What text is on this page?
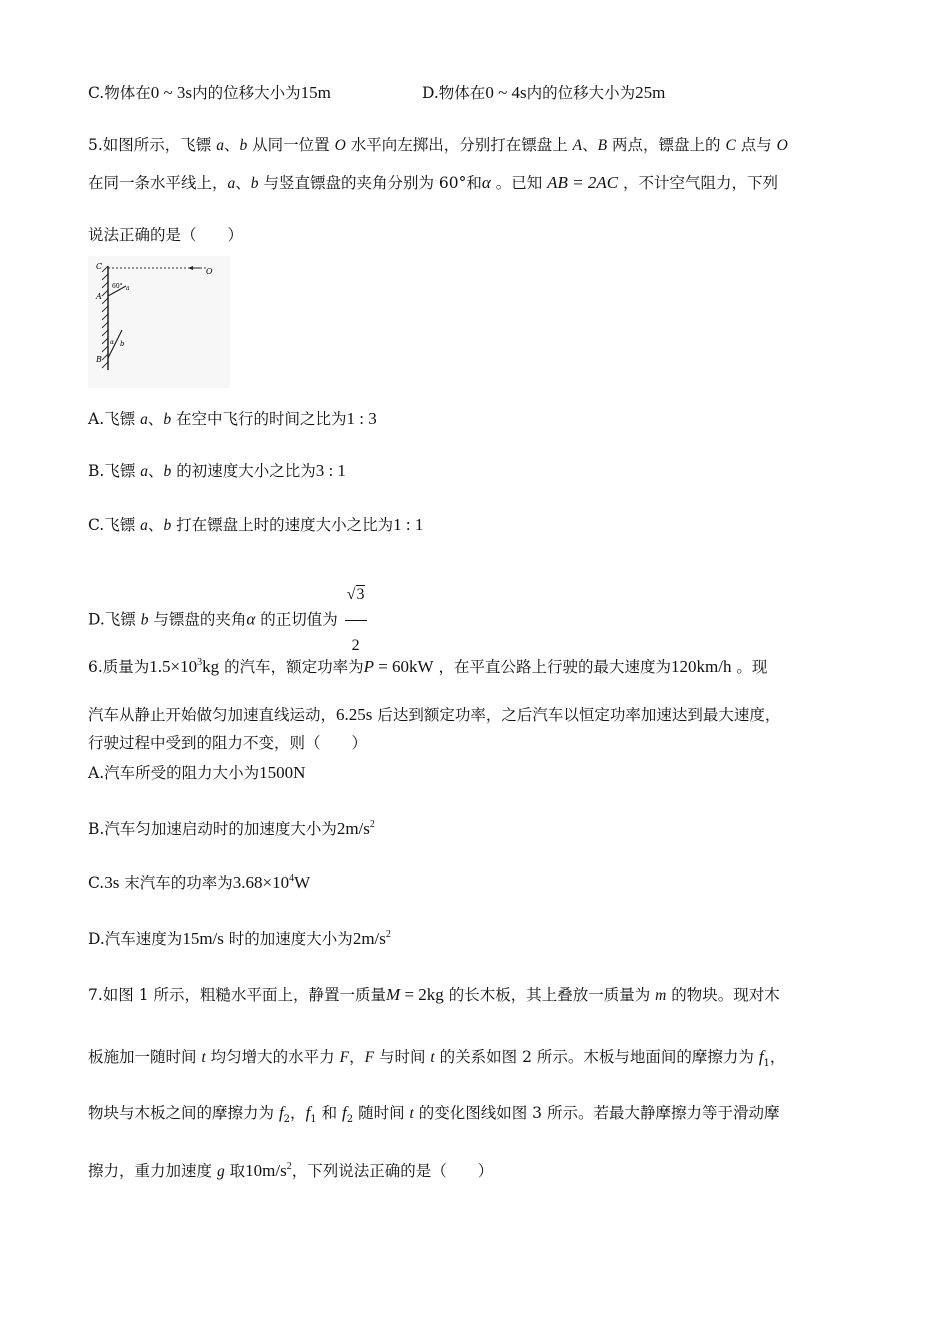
C.物体在0 ~ 3s内的位移大小为15m	D.物体在0 ~ 4s内的位移大小为25m
5.如图所示，飞镖 a、b 从同一位置 O 水平向左掷出，分别打在镖盘上 A、B 两点，镖盘上的 C 点与 O
在同一条水平线上，a、b 与竖直镖盘的夹角分别为 60°和α 。已知 AB = 2AC ，不计空气阻力，下列
说法正确的是（　　）
C
O
A
60° a
α b
B
A.飞镖 a、b 在空中飞行的时间之比为1 : 3
B.飞镖 a、b 的初速度大小之比为3 : 1
C.飞镖 a、b 打在镖盘上时的速度大小之比为1 : 1
D.飞镖 b 与镖盘的夹角α 的正切值为 $\frac{√3}{2}$
6.质量为$1.5\times 10^3kg$ 的汽车，额定功率为P = 60kW ，在平直公路上行驶的最大速度为120km/h 。现
汽车从静止开始做匀加速直线运动，6.25s 后达到额定功率，之后汽车以恒定功率加速达到最大速度，
行驶过程中受到的阻力不变，则（　　）
A.汽车所受的阻力大小为1500N
B.汽车匀加速启动时的加速度大小为$2m/s^2$
C.3s 末汽车的功率为$3.68\times 10^4W$
D.汽车速度为15m/s 时的加速度大小为$2m/s^2$
7.如图 1 所示，粗糙水平面上，静置一质量M = 2kg 的长木板，其上叠放一质量为 m 的物块。现对木
板施加一随时间 t 均匀增大的水平力 F，F 与时间 t 的关系如图 2 所示。木板与地面间的摩擦力为 $f_1$，
物块与木板之间的摩擦力为 $f_2$，$f_1$ 和 $f_2$ 随时间 t 的变化图线如图 3 所示。若最大静摩擦力等于滑动摩
擦力，重力加速度 g 取$10m/s^2$，下列说法正确的是（　　）
